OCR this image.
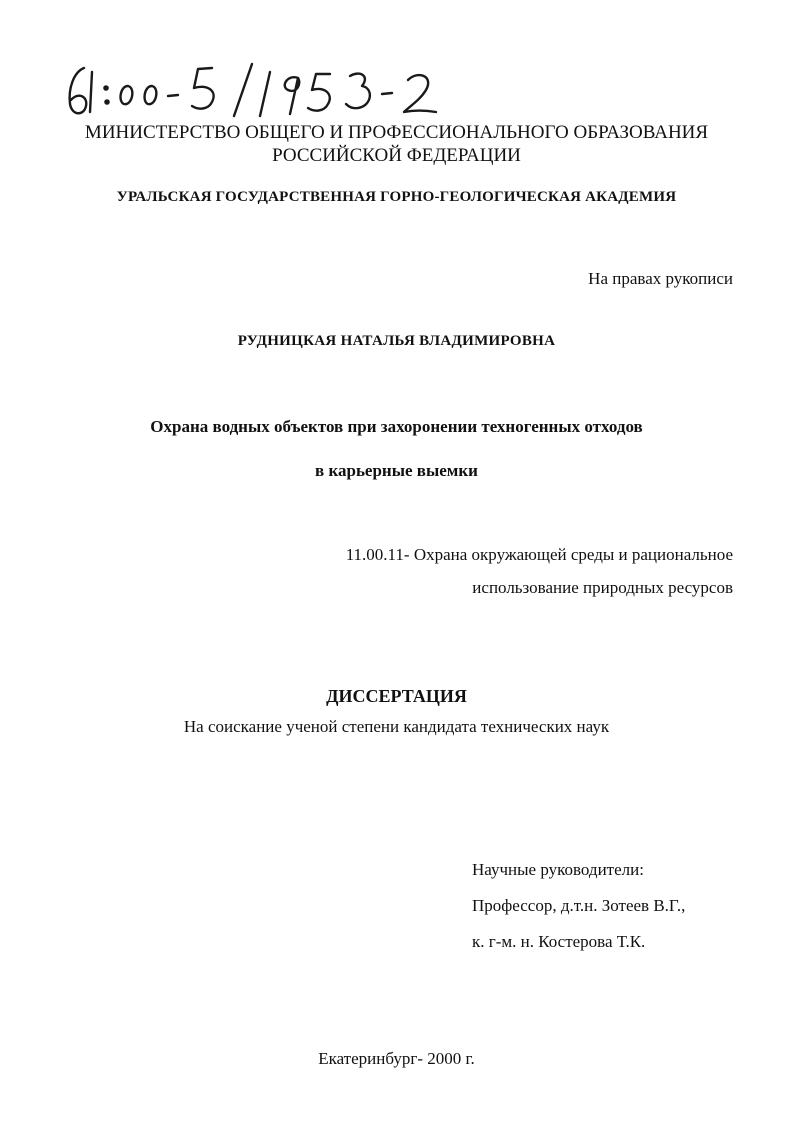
МИНИСТЕРСТВО ОБЩЕГО И ПРОФЕССИОНАЛЬНОГО ОБРАЗОВАНИЯ
РОССИЙСКОЙ ФЕДЕРАЦИИ
УРАЛЬСКАЯ ГОСУДАРСТВЕННАЯ ГОРНО-ГЕОЛОГИЧЕСКАЯ АКАДЕМИЯ
На правах рукописи
РУДНИЦКАЯ НАТАЛЬЯ ВЛАДИМИРОВНА
Охрана водных объектов при захоронении техногенных отходов
в карьерные выемки
11.00.11- Охрана окружающей среды и рациональное
использование природных ресурсов
ДИССЕРТАЦИЯ
На соискание ученой степени кандидата технических наук
Научные руководители:
Профессор, д.т.н. Зотеев В.Г.,
к. г-м. н. Костерова Т.К.
Екатеринбург- 2000 г.
